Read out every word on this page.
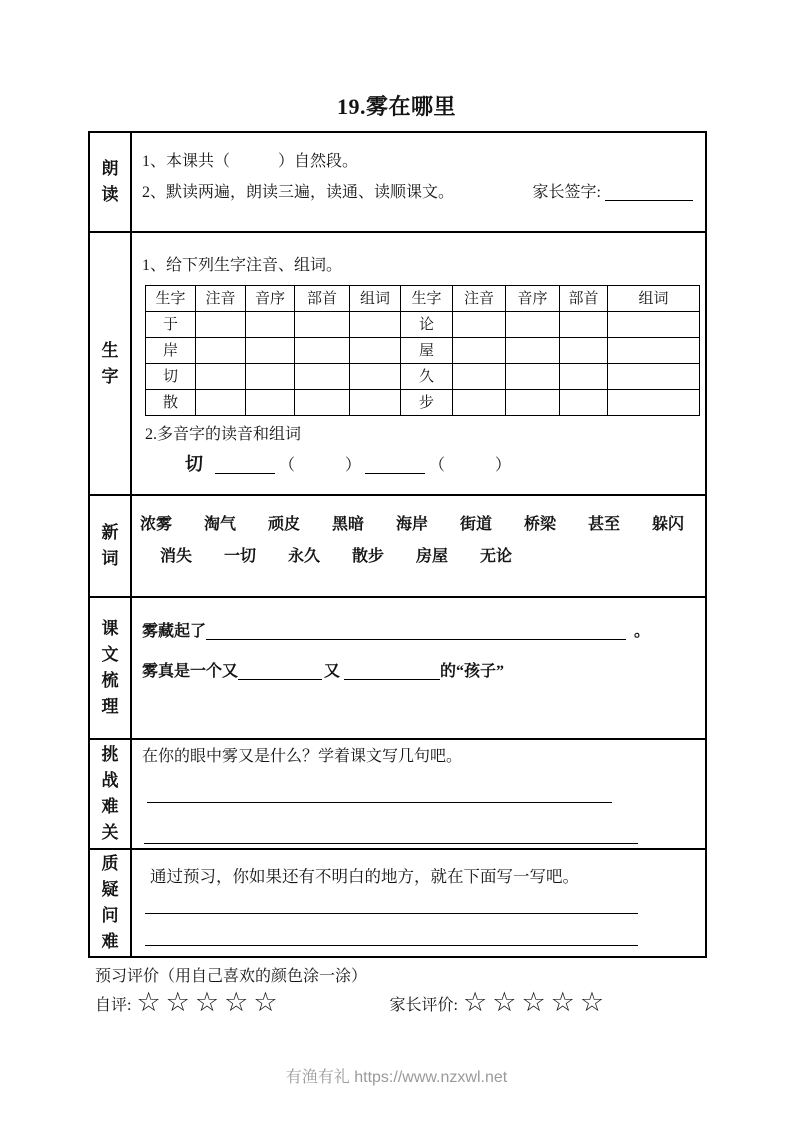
19.雾在哪里
朗读
1、本课共（　　　）自然段。
2、默读两遍，朗读三遍，读通、读顺课文。	家长签字:
生字
1、给下列生字注音、组词。
生字	注音	音序	部首	组词	生字	注音	音序	部首	组词
于					论				
岸					屋				
切					久				
散					步				
2.多音字的读音和组词
切	（	）	（	）
新词
浓雾　　淘气　　顽皮　　黑暗　　海岸　　街道　　桥梁　　甚至　　躲闪
消失　　一切　　永久　　散步　　房屋　　无论
课文梳理
雾藏起了	。
雾真是一个又	又	的“孩子”
挑战难关
在你的眼中雾又是什么？学着课文写几句吧。
质疑问难
通过预习，你如果还有不明白的地方，就在下面写一写吧。
预习评价（用自己喜欢的颜色涂一涂）
自评: ☆ ☆ ☆ ☆ ☆	家长评价: ☆ ☆ ☆ ☆ ☆
有渔有礼 https://www.nzxwl.net
